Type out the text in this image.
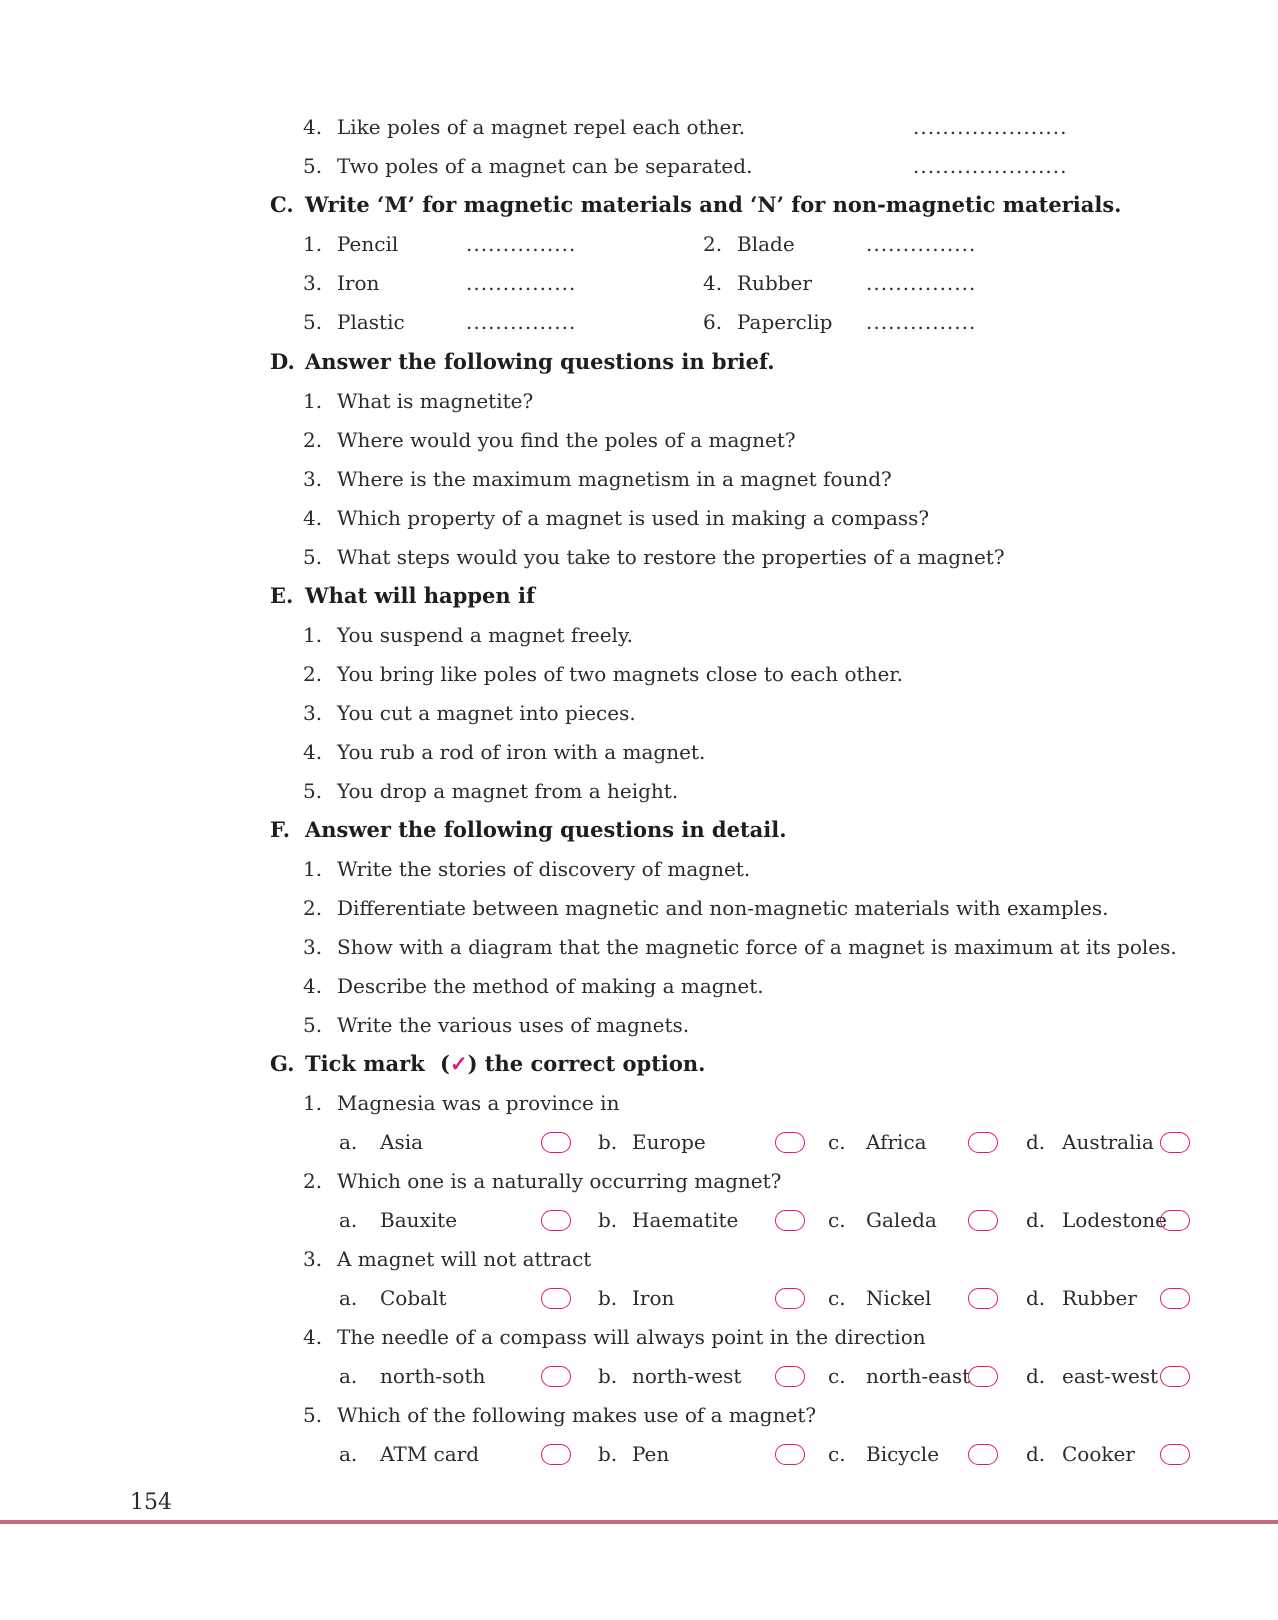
4. Like poles of a magnet repel each other.	.....................
5. Two poles of a magnet can be separated.	.....................
C. Write ‘M’ for magnetic materials and ‘N’ for non-magnetic materials.
1. Pencil	...............	2. Blade	...............
3. Iron	...............	4. Rubber	...............
5. Plastic	...............	6. Paperclip ...............
D. Answer the following questions in brief.
1. What is magnetite?
2. Where would you find the poles of a magnet?
3. Where is the maximum magnetism in a magnet found?
4. Which property of a magnet is used in making a compass?
5. What steps would you take to restore the properties of a magnet?
E. What will happen if
1. You suspend a magnet freely.
2. You bring like poles of two magnets close to each other.
3. You cut a magnet into pieces.
4. You rub a rod of iron with a magnet.
5. You drop a magnet from a height.
F. Answer the following questions in detail.
1. Write the stories of discovery of magnet.
2. Differentiate between magnetic and non-magnetic materials with examples.
3. Show with a diagram that the magnetic force of a magnet is maximum at its poles.
4. Describe the method of making a magnet.
5. Write the various uses of magnets.
G. Tick mark (✓) the correct option.
1. Magnesia was a province in
a. Asia	b. Europe	c. Africa	d. Australia
2. Which one is a naturally occurring magnet?
a. Bauxite	b. Haematite	c. Galeda	d. Lodestone
3. A magnet will not attract
a. Cobalt	b. Iron	c. Nickel	d. Rubber
4. The needle of a compass will always point in the direction
a. north-soth	b. north-west	c. north-east	d. east-west
5. Which of the following makes use of a magnet?
a. ATM card	b. Pen	c. Bicycle	d. Cooker
154
